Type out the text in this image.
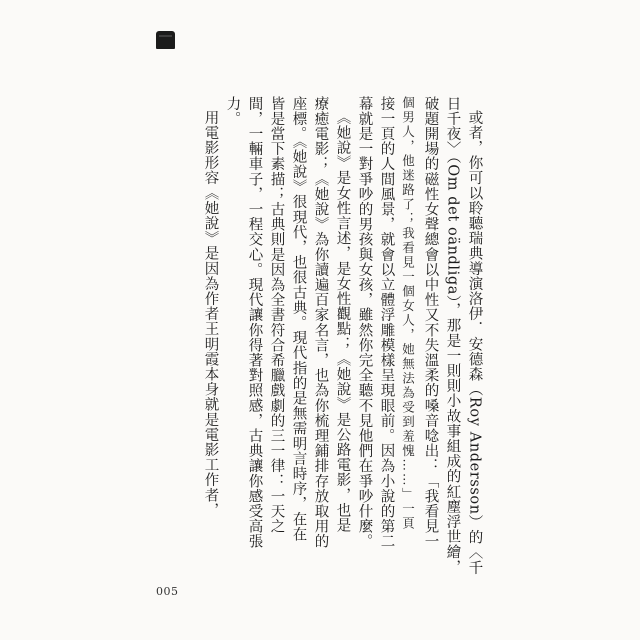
或者，你可以聆聽瑞典導演洛伊．安德森（Roy Andersson）的〈千
日千夜〉（Om det oändliga），那是一則則小故事組成的紅塵浮世繪，
破題開場的磁性女聲總會以中性又不失溫柔的嗓音唸出：「我看見一
個男人，他迷路了；我看見一個女人，她無法為受到羞愧……」一頁
接一頁的人間風景，就會以立體浮雕模樣呈現眼前。因為小說的第二
幕就是一對爭吵的男孩與女孩，雖然你完全聽不見他們在爭吵什麼。
《她說》是女性言述，是女性觀點；《她說》是公路電影，也是
療癒電影；《她說》為你讀遍百家名言，也為你梳理鋪排存放取用的
座標。《她說》很現代，也很古典。現代指的是無需明言時序，在在
皆是當下素描；古典則是因為全書符合希臘戲劇的三一律：一天之
間，一輛車子，一程交心。現代讓你得著對照感，古典讓你感受高張
力。
用電影形容《她說》是因為作者王明霞本身就是電影工作者，
005
